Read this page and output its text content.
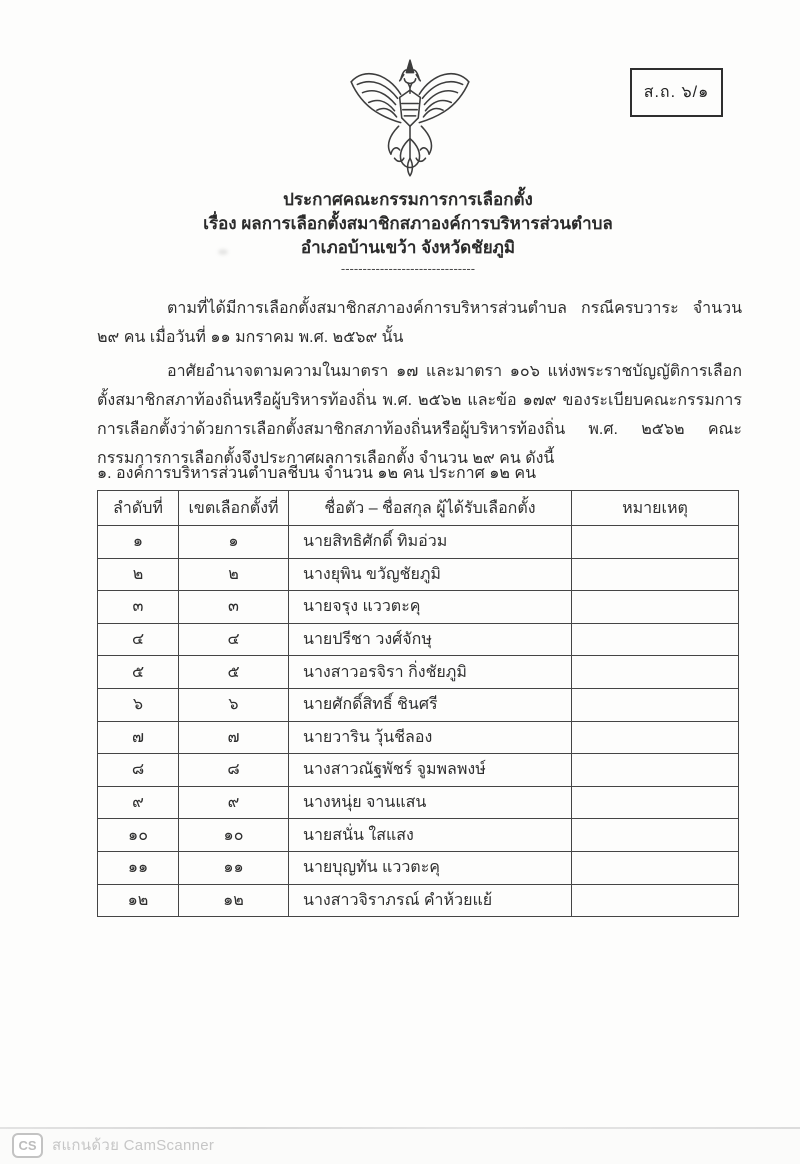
ส.ถ. ๖/๑
ประกาศคณะกรรมการการเลือกตั้ง
เรื่อง ผลการเลือกตั้งสมาชิกสภาองค์การบริหารส่วนตำบล
อำเภอบ้านเขว้า จังหวัดชัยภูมิ
-------------------------------
ตามที่ได้มีการเลือกตั้งสมาชิกสภาองค์การบริหารส่วนตำบล กรณีครบวาระ จำนวน ๒๙ คน เมื่อวันที่ ๑๑ มกราคม พ.ศ. ๒๕๖๙ นั้น
อาศัยอำนาจตามความในมาตรา ๑๗ และมาตรา ๑๐๖ แห่งพระราชบัญญัติการเลือกตั้งสมาชิกสภาท้องถิ่นหรือผู้บริหารท้องถิ่น พ.ศ. ๒๕๖๒ และข้อ ๑๗๙ ของระเบียบคณะกรรมการการเลือกตั้งว่าด้วยการเลือกตั้งสมาชิกสภาท้องถิ่นหรือผู้บริหารท้องถิ่น พ.ศ. ๒๕๖๒ คณะกรรมการการเลือกตั้งจึงประกาศผลการเลือกตั้ง จำนวน ๒๙ คน ดังนี้
๑. องค์การบริหารส่วนตำบลชีบน จำนวน ๑๒ คน ประกาศ ๑๒ คน
ลำดับที่	เขตเลือกตั้งที่	ชื่อตัว – ชื่อสกุล ผู้ได้รับเลือกตั้ง	หมายเหตุ
๑	๑	นายสิทธิศักดิ์ ทิมอ่วม	
๒	๒	นางยุพิน ขวัญชัยภูมิ	
๓	๓	นายจรุง แววตะคุ	
๔	๔	นายปรีชา วงศ์จักษุ	
๕	๕	นางสาวอรจิรา กิ่งชัยภูมิ	
๖	๖	นายศักดิ์สิทธิ์ ชินศรี	
๗	๗	นายวาริน วุ้นชีลอง	
๘	๘	นางสาวณัฐพัชร์ จูมพลพงษ์	
๙	๙	นางหนุ่ย จานแสน	
๑๐	๑๐	นายสนั่น ใสแสง	
๑๑	๑๑	นายบุญทัน แววตะคุ	
๑๒	๑๒	นางสาวจิราภรณ์ คำห้วยแย้	
CS	สแกนด้วย CamScanner
